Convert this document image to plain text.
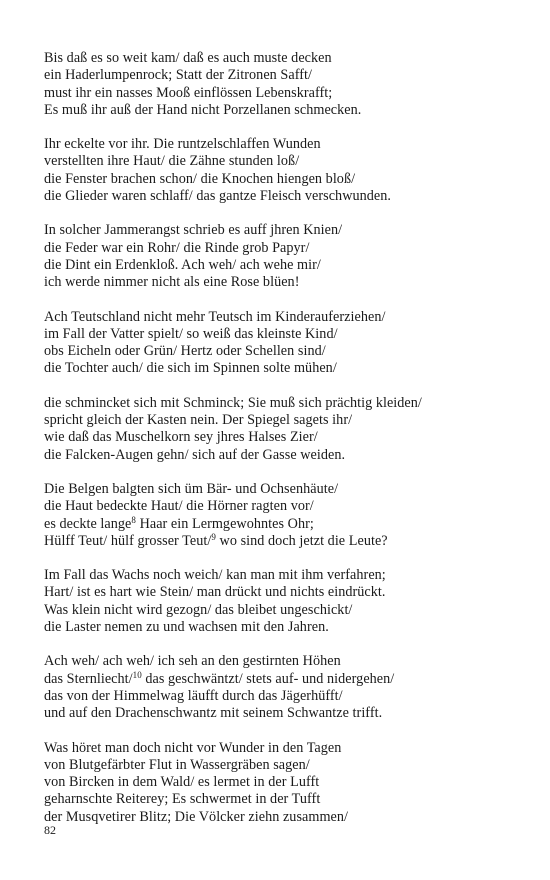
Bis daß es so weit kam/ daß es auch muste decken
ein Haderlumpenrock; Statt der Zitronen Safft/
must ihr ein nasses Mooß einflössen Lebenskrafft;
Es muß ihr auß der Hand nicht Porzellanen schmecken.
Ihr eckelte vor ihr. Die runtzelschlaffen Wunden
verstellten ihre Haut/ die Zähne stunden loß/
die Fenster brachen schon/ die Knochen hiengen bloß/
die Glieder waren schlaff/ das gantze Fleisch verschwunden.
In solcher Jammerangst schrieb es auff jhren Knien/
die Feder war ein Rohr/ die Rinde grob Papyr/
die Dint ein Erdenkloß. Ach weh/ ach wehe mir/
ich werde nimmer nicht als eine Rose blüen!
Ach Teutschland nicht mehr Teutsch im Kinderauferziehen/
im Fall der Vatter spielt/ so weiß das kleinste Kind/
obs Eicheln oder Grün/ Hertz oder Schellen sind/
die Tochter auch/ die sich im Spinnen solte mühen/
die schmincket sich mit Schminck; Sie muß sich prächtig kleiden/
spricht gleich der Kasten nein. Der Spiegel sagets ihr/
wie daß das Muschelkorn sey jhres Halses Zier/
die Falcken-Augen gehn/ sich auf der Gasse weiden.
Die Belgen balgten sich üm Bär- und Ochsenhäute/
die Haut bedeckte Haut/ die Hörner ragten vor/
es deckte lange$^8$ Haar ein Lermgewohntes Ohr;
Hülff Teut/ hülf grosser Teut/$^9$ wo sind doch jetzt die Leute?
Im Fall das Wachs noch weich/ kan man mit ihm verfahren;
Hart/ ist es hart wie Stein/ man drückt und nichts eindrückt.
Was klein nicht wird gezogn/ das bleibet ungeschickt/
die Laster nemen zu und wachsen mit den Jahren.
Ach weh/ ach weh/ ich seh an den gestirnten Höhen
das Sternliecht/$^{10}$ das geschwäntzt/ stets auf- und nidergehen/
das von der Himmelwag läufft durch das Jägerhüfft/
und auf den Drachenschwantz mit seinem Schwantze trifft.
Was höret man doch nicht vor Wunder in den Tagen
von Blutgefärbter Flut in Wassergräben sagen/
von Bircken in dem Wald/ es lermet in der Lufft
geharnschte Reiterey; Es schwermet in der Tufft
der Musqvetirer Blitz; Die Völcker ziehn zusammen/
82
